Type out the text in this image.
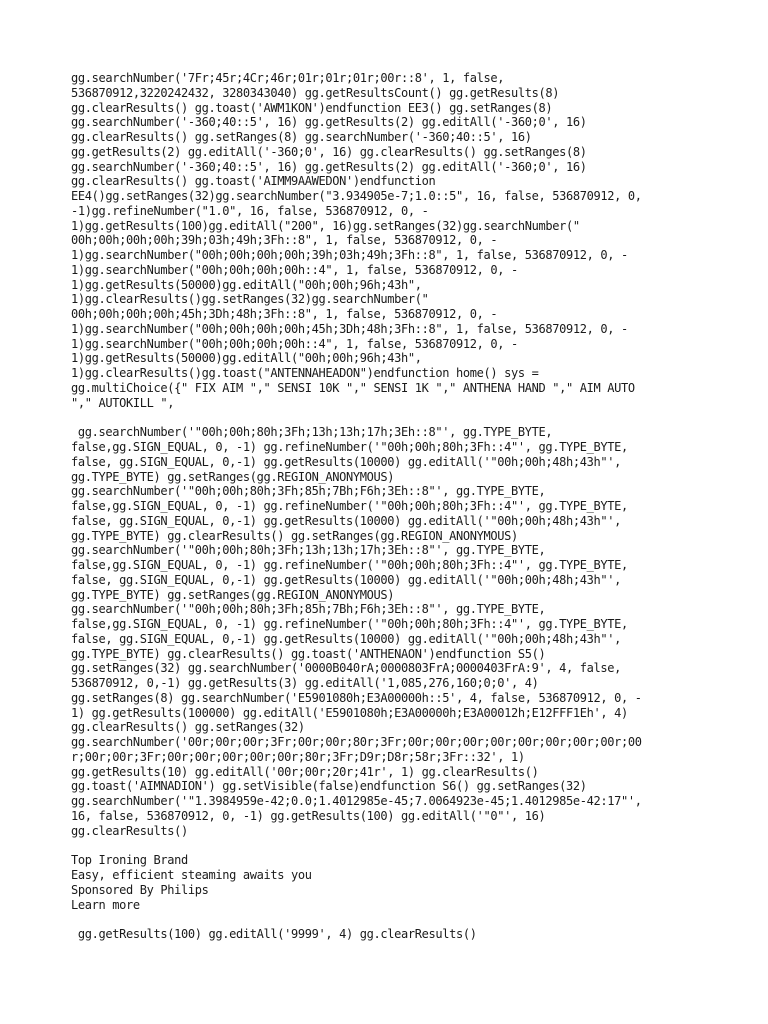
gg.searchNumber('7Fr;45r;4Cr;46r;01r;01r;01r;00r::8', 1, false,
536870912,3220242432, 3280343040) gg.getResultsCount() gg.getResults(8)
gg.clearResults() gg.toast('AWM1KON')endfunction EE3() gg.setRanges(8)
gg.searchNumber('-360;40::5', 16) gg.getResults(2) gg.editAll('-360;0', 16)
gg.clearResults() gg.setRanges(8) gg.searchNumber('-360;40::5', 16)
gg.getResults(2) gg.editAll('-360;0', 16) gg.clearResults() gg.setRanges(8)
gg.searchNumber('-360;40::5', 16) gg.getResults(2) gg.editAll('-360;0', 16)
gg.clearResults() gg.toast('AIMM9AAWEDON')endfunction
EE4()gg.setRanges(32)gg.searchNumber("3.934905e-7;1.0::5", 16, false, 536870912, 0,
-1)gg.refineNumber("1.0", 16, false, 536870912, 0, -
1)gg.getResults(100)gg.editAll("200", 16)gg.setRanges(32)gg.searchNumber("
00h;00h;00h;00h;39h;03h;49h;3Fh::8", 1, false, 536870912, 0, -
1)gg.searchNumber("00h;00h;00h;00h;39h;03h;49h;3Fh::8", 1, false, 536870912, 0, -
1)gg.searchNumber("00h;00h;00h;00h::4", 1, false, 536870912, 0, -
1)gg.getResults(50000)gg.editAll("00h;00h;96h;43h",
1)gg.clearResults()gg.setRanges(32)gg.searchNumber("
00h;00h;00h;00h;45h;3Dh;48h;3Fh::8", 1, false, 536870912, 0, -
1)gg.searchNumber("00h;00h;00h;00h;45h;3Dh;48h;3Fh::8", 1, false, 536870912, 0, -
1)gg.searchNumber("00h;00h;00h;00h::4", 1, false, 536870912, 0, -
1)gg.getResults(50000)gg.editAll("00h;00h;96h;43h",
1)gg.clearResults()gg.toast("ANTENNAHEADON")endfunction home() sys =
gg.multiChoice({" FIX AIM "," SENSI 10K "," SENSI 1K "," ANTHENA HAND "," AIM AUTO
"," AUTOKILL ",
gg.searchNumber('"00h;00h;80h;3Fh;13h;13h;17h;3Eh::8"', gg.TYPE_BYTE,
false,gg.SIGN_EQUAL, 0, -1) gg.refineNumber('"00h;00h;80h;3Fh::4"', gg.TYPE_BYTE,
false, gg.SIGN_EQUAL, 0,-1) gg.getResults(10000) gg.editAll('"00h;00h;48h;43h"',
gg.TYPE_BYTE) gg.setRanges(gg.REGION_ANONYMOUS)
gg.searchNumber('"00h;00h;80h;3Fh;85h;7Bh;F6h;3Eh::8"', gg.TYPE_BYTE,
false,gg.SIGN_EQUAL, 0, -1) gg.refineNumber('"00h;00h;80h;3Fh::4"', gg.TYPE_BYTE,
false, gg.SIGN_EQUAL, 0,-1) gg.getResults(10000) gg.editAll('"00h;00h;48h;43h"',
gg.TYPE_BYTE) gg.clearResults() gg.setRanges(gg.REGION_ANONYMOUS)
gg.searchNumber('"00h;00h;80h;3Fh;13h;13h;17h;3Eh::8"', gg.TYPE_BYTE,
false,gg.SIGN_EQUAL, 0, -1) gg.refineNumber('"00h;00h;80h;3Fh::4"', gg.TYPE_BYTE,
false, gg.SIGN_EQUAL, 0,-1) gg.getResults(10000) gg.editAll('"00h;00h;48h;43h"',
gg.TYPE_BYTE) gg.setRanges(gg.REGION_ANONYMOUS)
gg.searchNumber('"00h;00h;80h;3Fh;85h;7Bh;F6h;3Eh::8"', gg.TYPE_BYTE,
false,gg.SIGN_EQUAL, 0, -1) gg.refineNumber('"00h;00h;80h;3Fh::4"', gg.TYPE_BYTE,
false, gg.SIGN_EQUAL, 0,-1) gg.getResults(10000) gg.editAll('"00h;00h;48h;43h"',
gg.TYPE_BYTE) gg.clearResults() gg.toast('ANTHENAON')endfunction S5()
gg.setRanges(32) gg.searchNumber('0000B040rA;0000803FrA;0000403FrA:9', 4, false,
536870912, 0,-1) gg.getResults(3) gg.editAll('1,085,276,160;0;0', 4)
gg.setRanges(8) gg.searchNumber('E5901080h;E3A00000h::5', 4, false, 536870912, 0, -
1) gg.getResults(100000) gg.editAll('E5901080h;E3A00000h;E3A00012h;E12FFF1Eh', 4)
gg.clearResults() gg.setRanges(32)
gg.searchNumber('00r;00r;00r;3Fr;00r;00r;80r;3Fr;00r;00r;00r;00r;00r;00r;00r;00r;00
r;00r;00r;3Fr;00r;00r;00r;00r;00r;80r;3Fr;D9r;D8r;58r;3Fr::32', 1)
gg.getResults(10) gg.editAll('00r;00r;20r;41r', 1) gg.clearResults()
gg.toast('AIMNADION') gg.setVisible(false)endfunction S6() gg.setRanges(32)
gg.searchNumber('"1.3984959e-42;0.0;1.4012985e-45;7.0064923e-45;1.4012985e-42:17"',
16, false, 536870912, 0, -1) gg.getResults(100) gg.editAll('"0"', 16)
gg.clearResults()
Top Ironing Brand
Easy, efficient steaming awaits you
Sponsored By Philips
Learn more
gg.getResults(100) gg.editAll('9999', 4) gg.clearResults()
